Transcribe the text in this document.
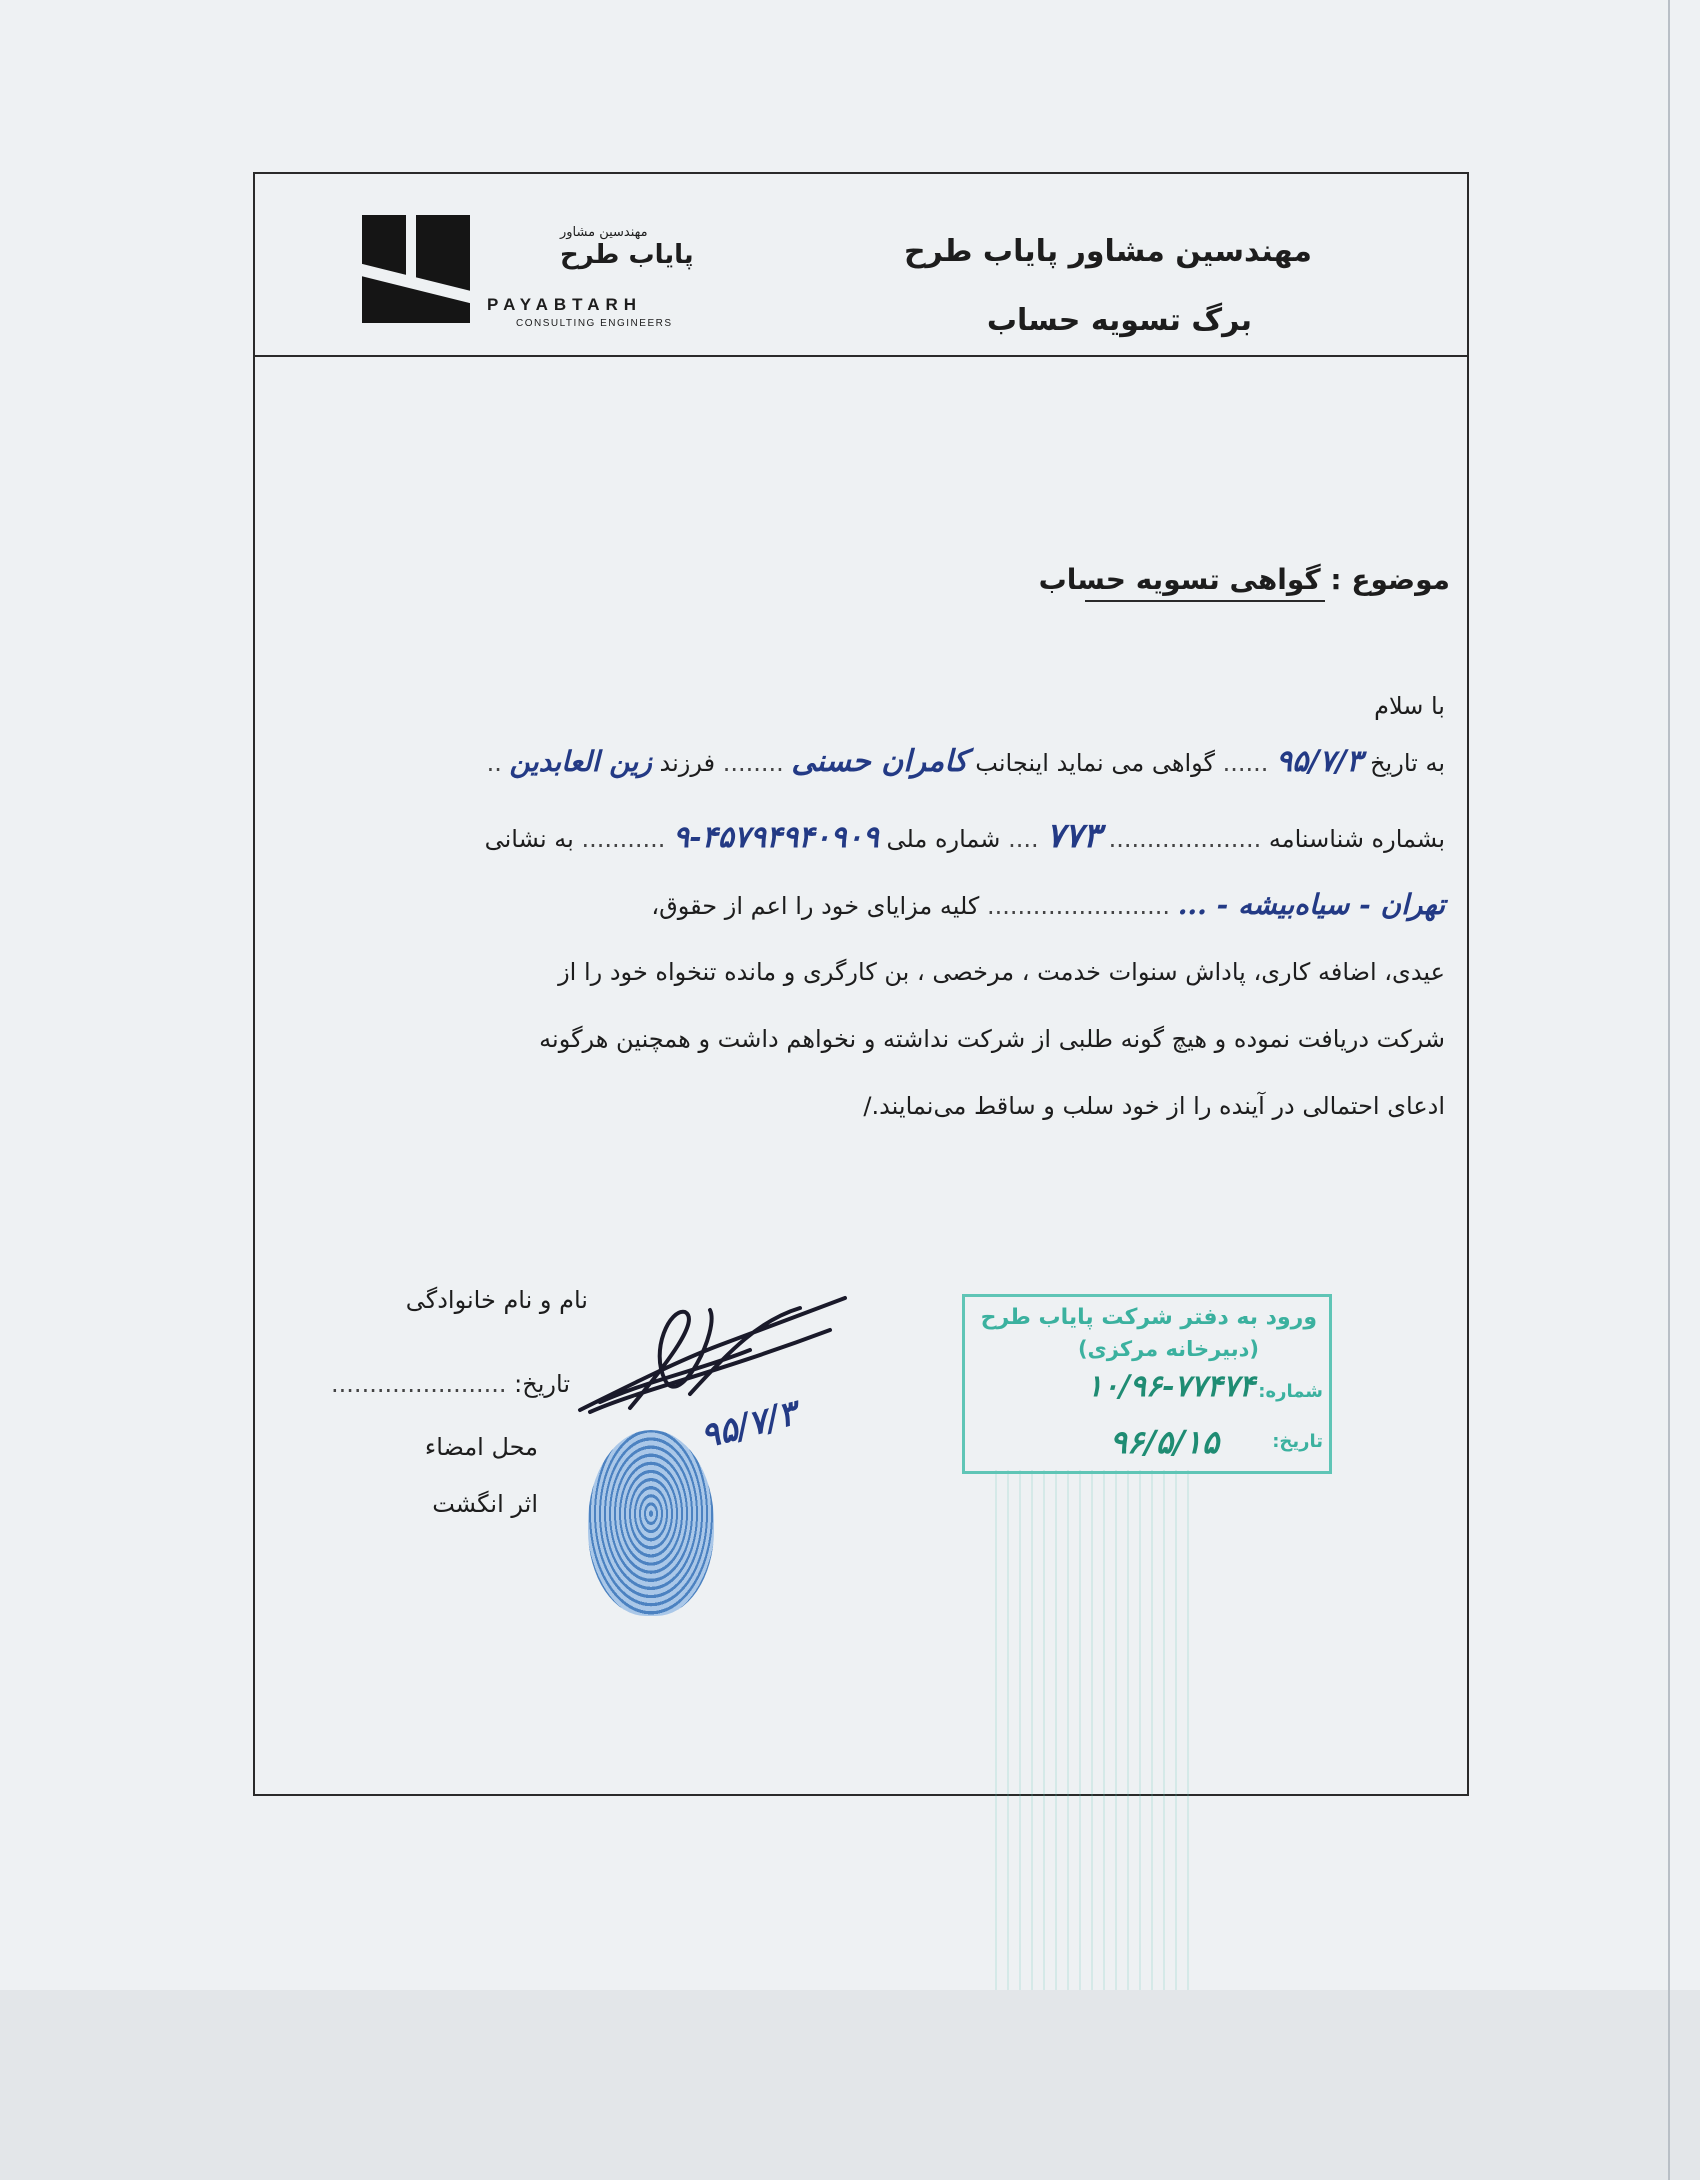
مهندسین مشاور پایاب طرح
برگ تسویه حساب
مهندسین مشاور
پایاب طرح
PAYABTARH
CONSULTING ENGINEERS
موضوع : گواهی تسویه حساب
با سلام
به تاریخ ۹۵/۷/۳ ...... گواهی می نماید اینجانب کامران حسنی ........ فرزند زین العابدین ..
بشماره شناسنامه .................... ۷۷۳ .... شماره ملی ۴۵۷۹۴۹۴۰۹۰۹-۹ ........... به نشانی
تهران - سیاه‌بیشه - ... ........................ کلیه مزایای خود را اعم از حقوق،
عیدی، اضافه کاری، پاداش سنوات خدمت ، مرخصی ، بن کارگری و مانده تنخواه خود را از
شرکت دریافت نموده و هیچ گونه طلبی از شرکت نداشته و نخواهم داشت و همچنین هرگونه
ادعای احتمالی در آینده را از خود سلب و ساقط می‌نمایند./
نام و نام خانوادگی
تاریخ: .......................
۹۵/۷/۳
محل امضاء
اثر انگشت
ورود به دفتر شرکت پایاب طرح
(دبیرخانه مرکزی)
شماره:
۱۰/۹۶-۷۷۴۷۴
تاریخ:
۹۶/۵/۱۵
